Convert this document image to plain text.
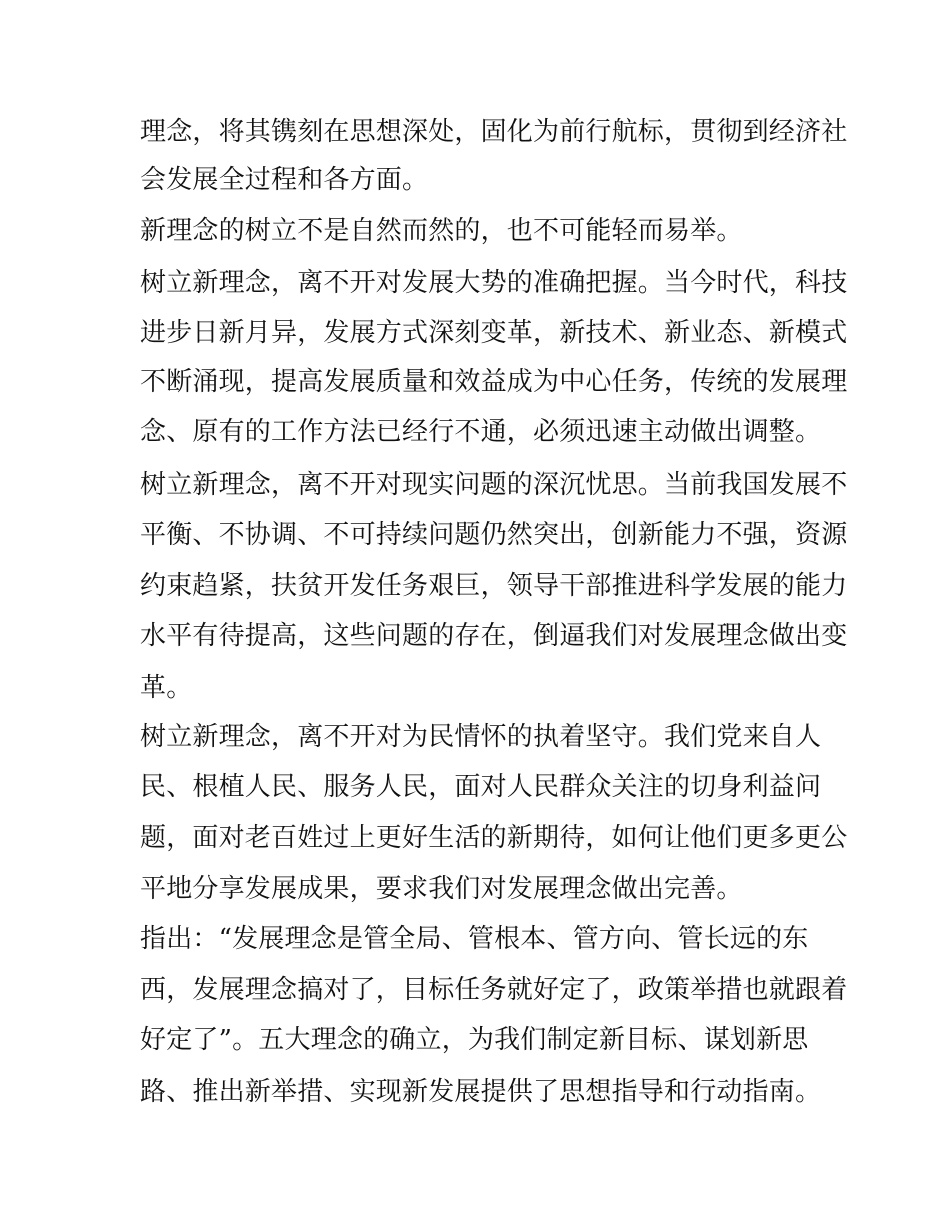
理念，将其镌刻在思想深处，固化为前行航标，贯彻到经济社
会发展全过程和各方面。
新理念的树立不是自然而然的，也不可能轻而易举。
树立新理念，离不开对发展大势的准确把握。当今时代，科技
进步日新月异，发展方式深刻变革，新技术、新业态、新模式
不断涌现，提高发展质量和效益成为中心任务，传统的发展理
念、原有的工作方法已经行不通，必须迅速主动做出调整。
树立新理念，离不开对现实问题的深沉忧思。当前我国发展不
平衡、不协调、不可持续问题仍然突出，创新能力不强，资源
约束趋紧，扶贫开发任务艰巨，领导干部推进科学发展的能力
水平有待提高，这些问题的存在，倒逼我们对发展理念做出变
革。
树立新理念，离不开对为民情怀的执着坚守。我们党来自人
民、根植人民、服务人民，面对人民群众关注的切身利益问
题，面对老百姓过上更好生活的新期待，如何让他们更多更公
平地分享发展成果，要求我们对发展理念做出完善。
指出：“发展理念是管全局、管根本、管方向、管长远的东
西，发展理念搞对了，目标任务就好定了，政策举措也就跟着
好定了”。五大理念的确立，为我们制定新目标、谋划新思
路、推出新举措、实现新发展提供了思想指导和行动指南。
